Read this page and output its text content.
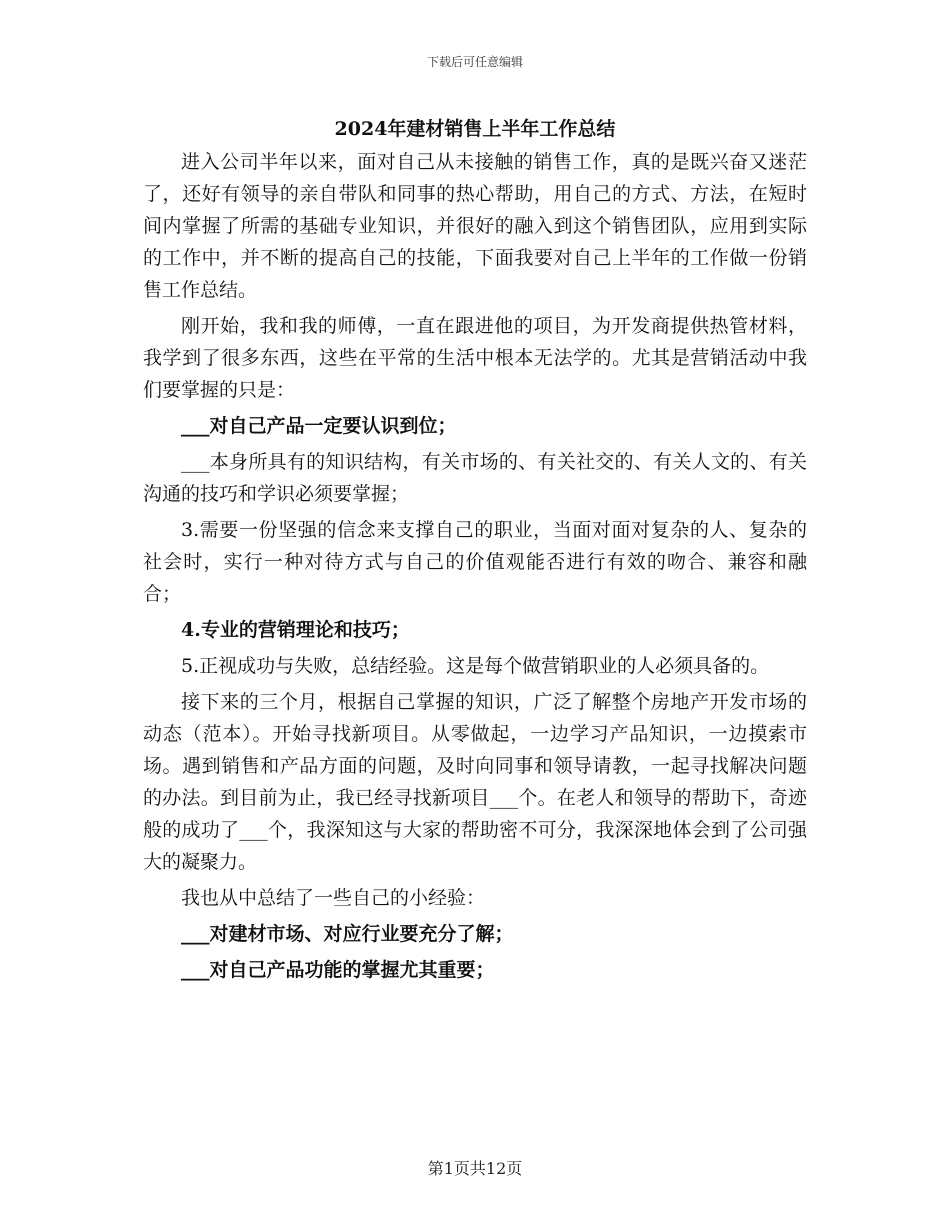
下载后可任意编辑
2024年建材销售上半年工作总结

进入公司半年以来，面对自己从未接触的销售工作，真的是既兴奋又迷茫了，还好有领导的亲自带队和同事的热心帮助，用自己的方式、方法，在短时间内掌握了所需的基础专业知识，并很好的融入到这个销售团队，应用到实际的工作中，并不断的提高自己的技能，下面我要对自己上半年的工作做一份销售工作总结。

刚开始，我和我的师傅，一直在跟进他的项目，为开发商提供热管材料，我学到了很多东西，这些在平常的生活中根本无法学的。尤其是营销活动中我们要掌握的只是：

___对自己产品一定要认识到位；

___本身所具有的知识结构，有关市场的、有关社交的、有关人文的、有关沟通的技巧和学识必须要掌握；

3.需要一份坚强的信念来支撑自己的职业，当面对面对复杂的人、复杂的社会时，实行一种对待方式与自己的价值观能否进行有效的吻合、兼容和融合；

4.专业的营销理论和技巧；

5.正视成功与失败，总结经验。这是每个做营销职业的人必须具备的。

接下来的三个月，根据自己掌握的知识，广泛了解整个房地产开发市场的动态（范本）。开始寻找新项目。从零做起，一边学习产品知识，一边摸索市场。遇到销售和产品方面的问题，及时向同事和领导请教，一起寻找解决问题的办法。到目前为止，我已经寻找新项目___个。在老人和领导的帮助下，奇迹般的成功了___个，我深知这与大家的帮助密不可分，我深深地体会到了公司强大的凝聚力。

我也从中总结了一些自己的小经验：

___对建材市场、对应行业要充分了解；

___对自己产品功能的掌握尤其重要；

第1页共12页
